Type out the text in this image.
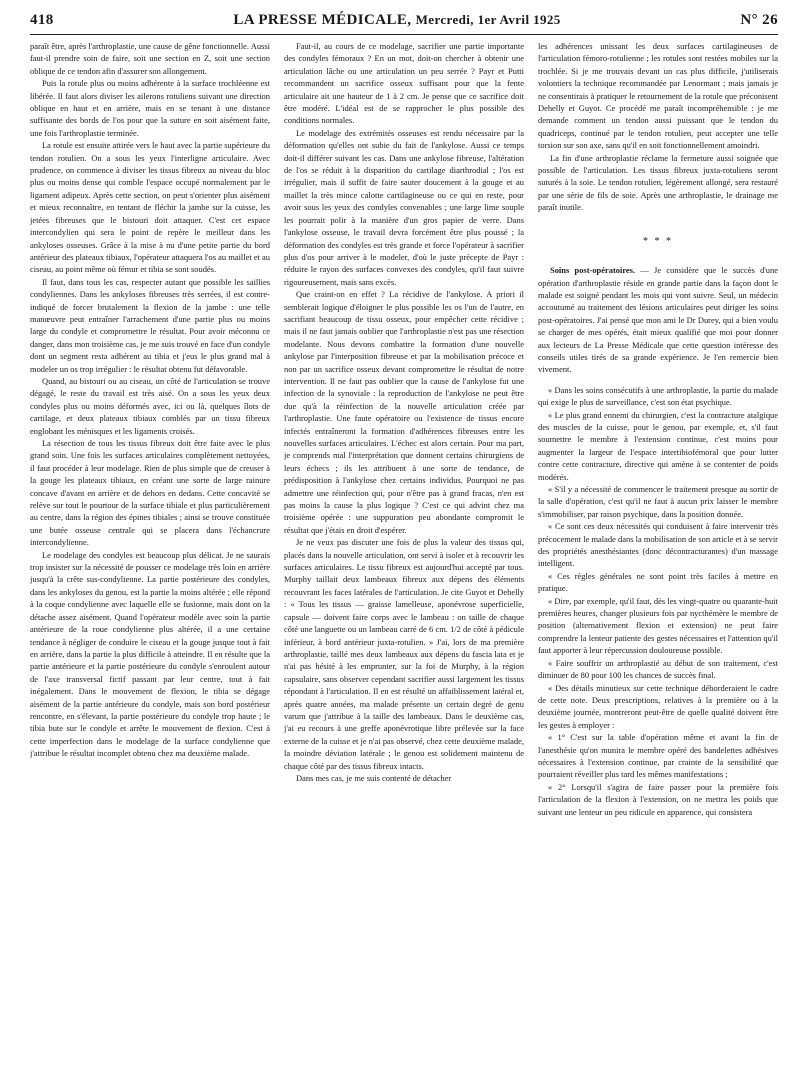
418	LA PRESSE MÉDICALE, Mercredi, 1er Avril 1925	N° 26

paraît être, après l'arthroplastie, une cause de gêne fonctionnelle. Aussi faut-il prendre soin de faire, soit une section en Z, soit une section oblique de ce tendon afin d'assurer son allongement.

Puis la rotule plus ou moins adhérente à la surface trochléenne est libérée. Il faut alors diviser les ailerons rotuliens suivant une direction oblique en haut et en arrière, mais en se tenant à une distance suffisante des bords de l'os pour que la suture en soit aisément faite, une fois l'arthroplastie terminée.

La rotule est ensuite attirée vers le haut avec la partie supérieure du tendon rotulien. On a sous les yeux l'interligne articulaire. Avec prudence, on commence à diviser les tissus fibreux au niveau du bloc plus ou moins dense qui comble l'espace occupé normalement par le ligament adipeux. Après cette section, on peut s'orienter plus aisément et mieux reconnaître, en tentant de fléchir la jambe sur la cuisse, les jetées fibreuses que le bistouri doit attaquer. C'est cet espace intercondylien qui sera le point de repère le meilleur dans les ankyloses osseuses. Grâce à la mise à nu d'une petite partie du bord antérieur des plateaux tibiaux, l'opérateur attaquera l'os au maillet et au ciseau, au point même où fémur et tibia se sont soudés.

Il faut, dans tous les cas, respecter autant que possible les saillies condyliennes. Dans les ankyloses fibreuses très serrées, il est contre-indiqué de forcer brutalement la flexion de la jambe : une telle manœuvre peut entraîner l'arrachement d'une partie plus ou moins large du condyle et compromettre le résultat. Pour avoir méconnu ce danger, dans mon troisième cas, je me suis trouvé en face d'un condyle dont un segment resta adhérent au tibia et j'eus le plus grand mal à modeler un os trop irrégulier : le résultat obtenu fut défavorable.

Quand, au bistouri ou au ciseau, un côté de l'articulation se trouve dégagé, le reste du travail est très aisé. On a sous les yeux deux condyles plus ou moins déformés avec, ici ou là, quelques îlots de cartilage, et deux plateaux tibiaux comblés par un tissu fibreux englobant les ménisques et les ligaments croisés.

La résection de tous les tissus fibreux doit être faite avec le plus grand soin. Une fois les surfaces articulaires complètement nettoyées, il faut procéder à leur modelage. Rien de plus simple que de creuser à la gouge les plateaux tibiaux, en créant une sorte de large rainure concave d'avant en arrière et de dehors en dedans. Cette concavité se relève sur tout le pourtour de la surface tibiale et plus particulièrement au centre, dans la région des épines tibiales ; ainsi se trouve constituée une butée osseuse centrale qui se placera dans l'échancrure intercondylienne.

Le modelage des condyles est beaucoup plus délicat. Je ne saurais trop insister sur la nécessité de pousser ce modelage très loin en arrière jusqu'à la crête sus-condylienne. La partie postérieure des condyles, dans les ankyloses du genou, est la partie la moins altérée ; elle répond à la coque condylienne avec laquelle elle se fusionne, mais dont on la détache assez aisément. Quand l'opérateur modèle avec soin la partie antérieure de la roue condylienne plus altérée, il a une certaine tendance à négliger de conduire le ciseau et la gouge jusque tout à fait en arrière, dans la partie la plus difficile à atteindre. Il en résulte que la partie antérieure et la partie postérieure du condyle s'enroulent autour de l'axe transversal fictif passant par leur centre, tout à fait inégalement. Dans le mouvement de flexion, le tibia se dégage aisément de la partie antérieure du condyle, mais son bord postérieur rencontre, en s'élevant, la partie postérieure du condyle trop haute ; le tibia bute sur le condyle et arrête le mouvement de flexion. C'est à cette imperfection dans le modelage de la surface condylienne que j'attribue le résultat incomplet obtenu chez ma deuxième malade.

Faut-il, au cours de ce modelage, sacrifier une partie importante des condyles fémoraux ? En un mot, doit-on chercher à obtenir une articulation lâche ou une articulation un peu serrée ? Payr et Putti recommandent un sacrifice osseux suffisant pour que la fente articulaire ait une hauteur de 1 à 2 cm. Je pense que ce sacrifice doit être modéré. L'idéal est de se rapprocher le plus possible des conditions normales.

Le modelage des extrémités osseuses est rendu nécessaire par la déformation qu'elles ont subie du fait de l'ankylose. Aussi ce temps doit-il différer suivant les cas. Dans une ankylose fibreuse, l'altération de l'os se réduit à la disparition du cartilage diarthrodial ; l'os est irrégulier, mais il suffit de faire sauter doucement à la gouge et au maillet la très mince calotte cartilagineuse ou ce qui en reste, pour avoir sous les yeux des condyles convenables ; une large lime souple les pourrait polir à la manière d'un gros papier de verre. Dans l'ankylose osseuse, le travail devra forcément être plus poussé ; la déformation des condyles est très grande et force l'opérateur à sacrifier plus d'os pour arriver à le modeler, d'où le juste précepte de Payr : réduire le rayon des surfaces convexes des condyles, qu'il faut suivre rigoureusement, mais sans excès.

Que craint-on en effet ? La récidive de l'ankylose. A priori il semblerait logique d'éloigner le plus possible les os l'un de l'autre, en sacrifiant beaucoup de tissu osseux, pour empêcher cette récidive ; mais il ne faut jamais oublier que l'arthroplastie n'est pas une résection modelante. Nous devons combattre la formation d'une nouvelle ankylose par l'interposition fibreuse et par la mobilisation précoce et non par un sacrifice osseux devant compromettre le résultat de notre intervention. Il ne faut pas oublier que la cause de l'ankylose fut une infection de la synoviale : la reproduction de l'ankylose ne peut être due qu'à la réinfection de la nouvelle articulation créée par l'arthroplastie. Une faute opératoire ou l'existence de tissus encore infectés entraîneront la formation d'adhérences fibreuses entre les nouvelles surfaces articulaires. L'échec est alors certain. Pour ma part, je comprends mal l'interprétation que donnent certains chirurgiens de leurs échecs ; ils les attribuent à une sorte de tendance, de prédisposition à l'ankylose chez certains individus. Pourquoi ne pas admettre une réinfection qui, pour n'être pas à grand fracas, n'en est pas moins la cause la plus logique ? C'est ce qui advint chez ma troisième opérée : une suppuration peu abondante compromit le résultat que j'étais en droit d'espérer.

Je ne veux pas discuter une fois de plus la valeur des tissus qui, placés dans la nouvelle articulation, ont servi à isoler et à recouvrir les surfaces articulaires. Le tissu fibreux est aujourd'hui accepté par tous. Murphy taillait deux lambeaux fibreux aux dépens des éléments recouvrant les faces latérales de l'articulation. Je cite Guyot et Dehelly : « Tous les tissus — graisse lamelleuse, aponévrose superficielle, capsule — doivent faire corps avec le lambeau : on taille de chaque côté une languette ou un lambeau carré de 6 cm. 1/2 de côté à pédicule inférieur, à bord antérieur juxta-rotulien. » J'ai, lors de ma première arthroplastie, taillé mes deux lambeaux aux dépens du fascia lata et je n'ai pas hésité à les emprunter, sur la foi de Murphy, à la région capsulaire, sans observer cependant sacrifier aussi largement les tissus répondant à l'articulation. Il en est résulté un affaiblissement latéral et, après quatre années, ma malade présente un certain degré de genu varum que j'attribue à la taille des lambeaux. Dans le deuxième cas, j'ai eu recours à une greffe aponévrotique libre prélevée sur la face externe de la cuisse et je n'ai pas observé, chez cette deuxième malade, la moindre déviation latérale ; le genou est solidement maintenu de chaque côté par des tissus fibreux intacts.

Dans mes cas, je me suis contenté de détacher

les adhérences unissant les deux surfaces cartilagineuses de l'articulation fémoro-rotulienne ; les rotules sont restées mobiles sur la trochlée. Si je me trouvais devant un cas plus difficile, j'utiliserais volontiers la technique recommandée par Lenormant ; mais jamais je ne consentirais à pratiquer le retournement de la rotule que préconisent Dehelly et Guyot. Ce procédé me paraît incompréhensible : je me demande comment un tendon aussi puissant que le tendon du quadriceps, continué par le tendon rotulien, peut accepter une telle torsion sur son axe, sans qu'il en soit fonctionnellement amoindri.

La fin d'une arthroplastie réclame la fermeture aussi soignée que possible de l'articulation. Les tissus fibreux juxta-rotuliens seront suturés à la soie. Le tendon rotulien, légèrement allongé, sera restauré par une série de fils de soie. Après une arthroplastie, le drainage me paraît inutile.

* * *

Soins post-opératoires. — Je considère que le succès d'une opération d'arthroplastie réside en grande partie dans la façon dont le malade est soigné pendant les mois qui vont suivre. Seul, un médecin accoutumé au traitement des lésions articulaires peut diriger les soins post-opératoires. J'ai pensé que mon ami le Dr Durey, qui a bien voulu se charger de mes opérés, était mieux qualifié que moi pour donner aux lecteurs de La Presse Médicale que cette question intéresse des conseils utiles tirés de sa grande expérience. Je l'en remercie bien vivement.

« Dans les soins consécutifs à une arthroplastie, la partie du malade qui exige le plus de surveillance, c'est son état psychique.

« Le plus grand ennemi du chirurgien, c'est la contracture atalgique des muscles de la cuisse, pour le genou, par exemple, et, s'il faut soumettre le membre à l'extension continue, c'est moins pour augmenter la largeur de l'espace intertibiofémoral que pour lutter contre cette contracture, directive qui amène à se contenter de poids modérés.

« S'il y a nécessité de commencer le traitement presque au sortir de la salle d'opération, c'est qu'il ne faut à aucun prix laisser le membre s'immobiliser, par raison psychique, dans la position donnée.

« Ce sont ces deux nécessités qui conduisent à faire intervenir très précocement le malade dans la mobilisation de son article et à se servir des propriétés anesthésiantes (donc décontracturantes) d'un massage intelligent.

« Ces règles générales ne sont point très faciles à mettre en pratique.

« Dire, par exemple, qu'il faut, dès les vingt-quatre ou quarante-huit premières heures, changer plusieurs fois par nycthémère le membre de position (alternativement flexion et extension) ne peut faire comprendre la lenteur patiente des gestes nécessaires et l'attention qu'il faut apporter à leur répercussion douloureuse possible.

« Faire souffrir un arthroplastié au début de son traitement, c'est diminuer de 80 pour 100 les chances de succès final.

« Des détails minutieux sur cette technique déborderaient le cadre de cette note. Deux prescriptions, relatives à la première ou à la deuxième journée, montreront peut-être de quelle qualité doivent être les gestes à employer :

« 1° C'est sur la table d'opération même et avant la fin de l'anesthésie qu'on munira le membre opéré des bandelettes adhésives nécessaires à l'extension continue, par crainte de la sensibilité que pourraient réveiller plus tard les mêmes manifestations ;

« 2° Lorsqu'il s'agira de faire passer pour la première fois l'articulation de la flexion à l'extension, on ne mettra les poids que suivant une lenteur un peu ridicule en apparence, qui consistera
